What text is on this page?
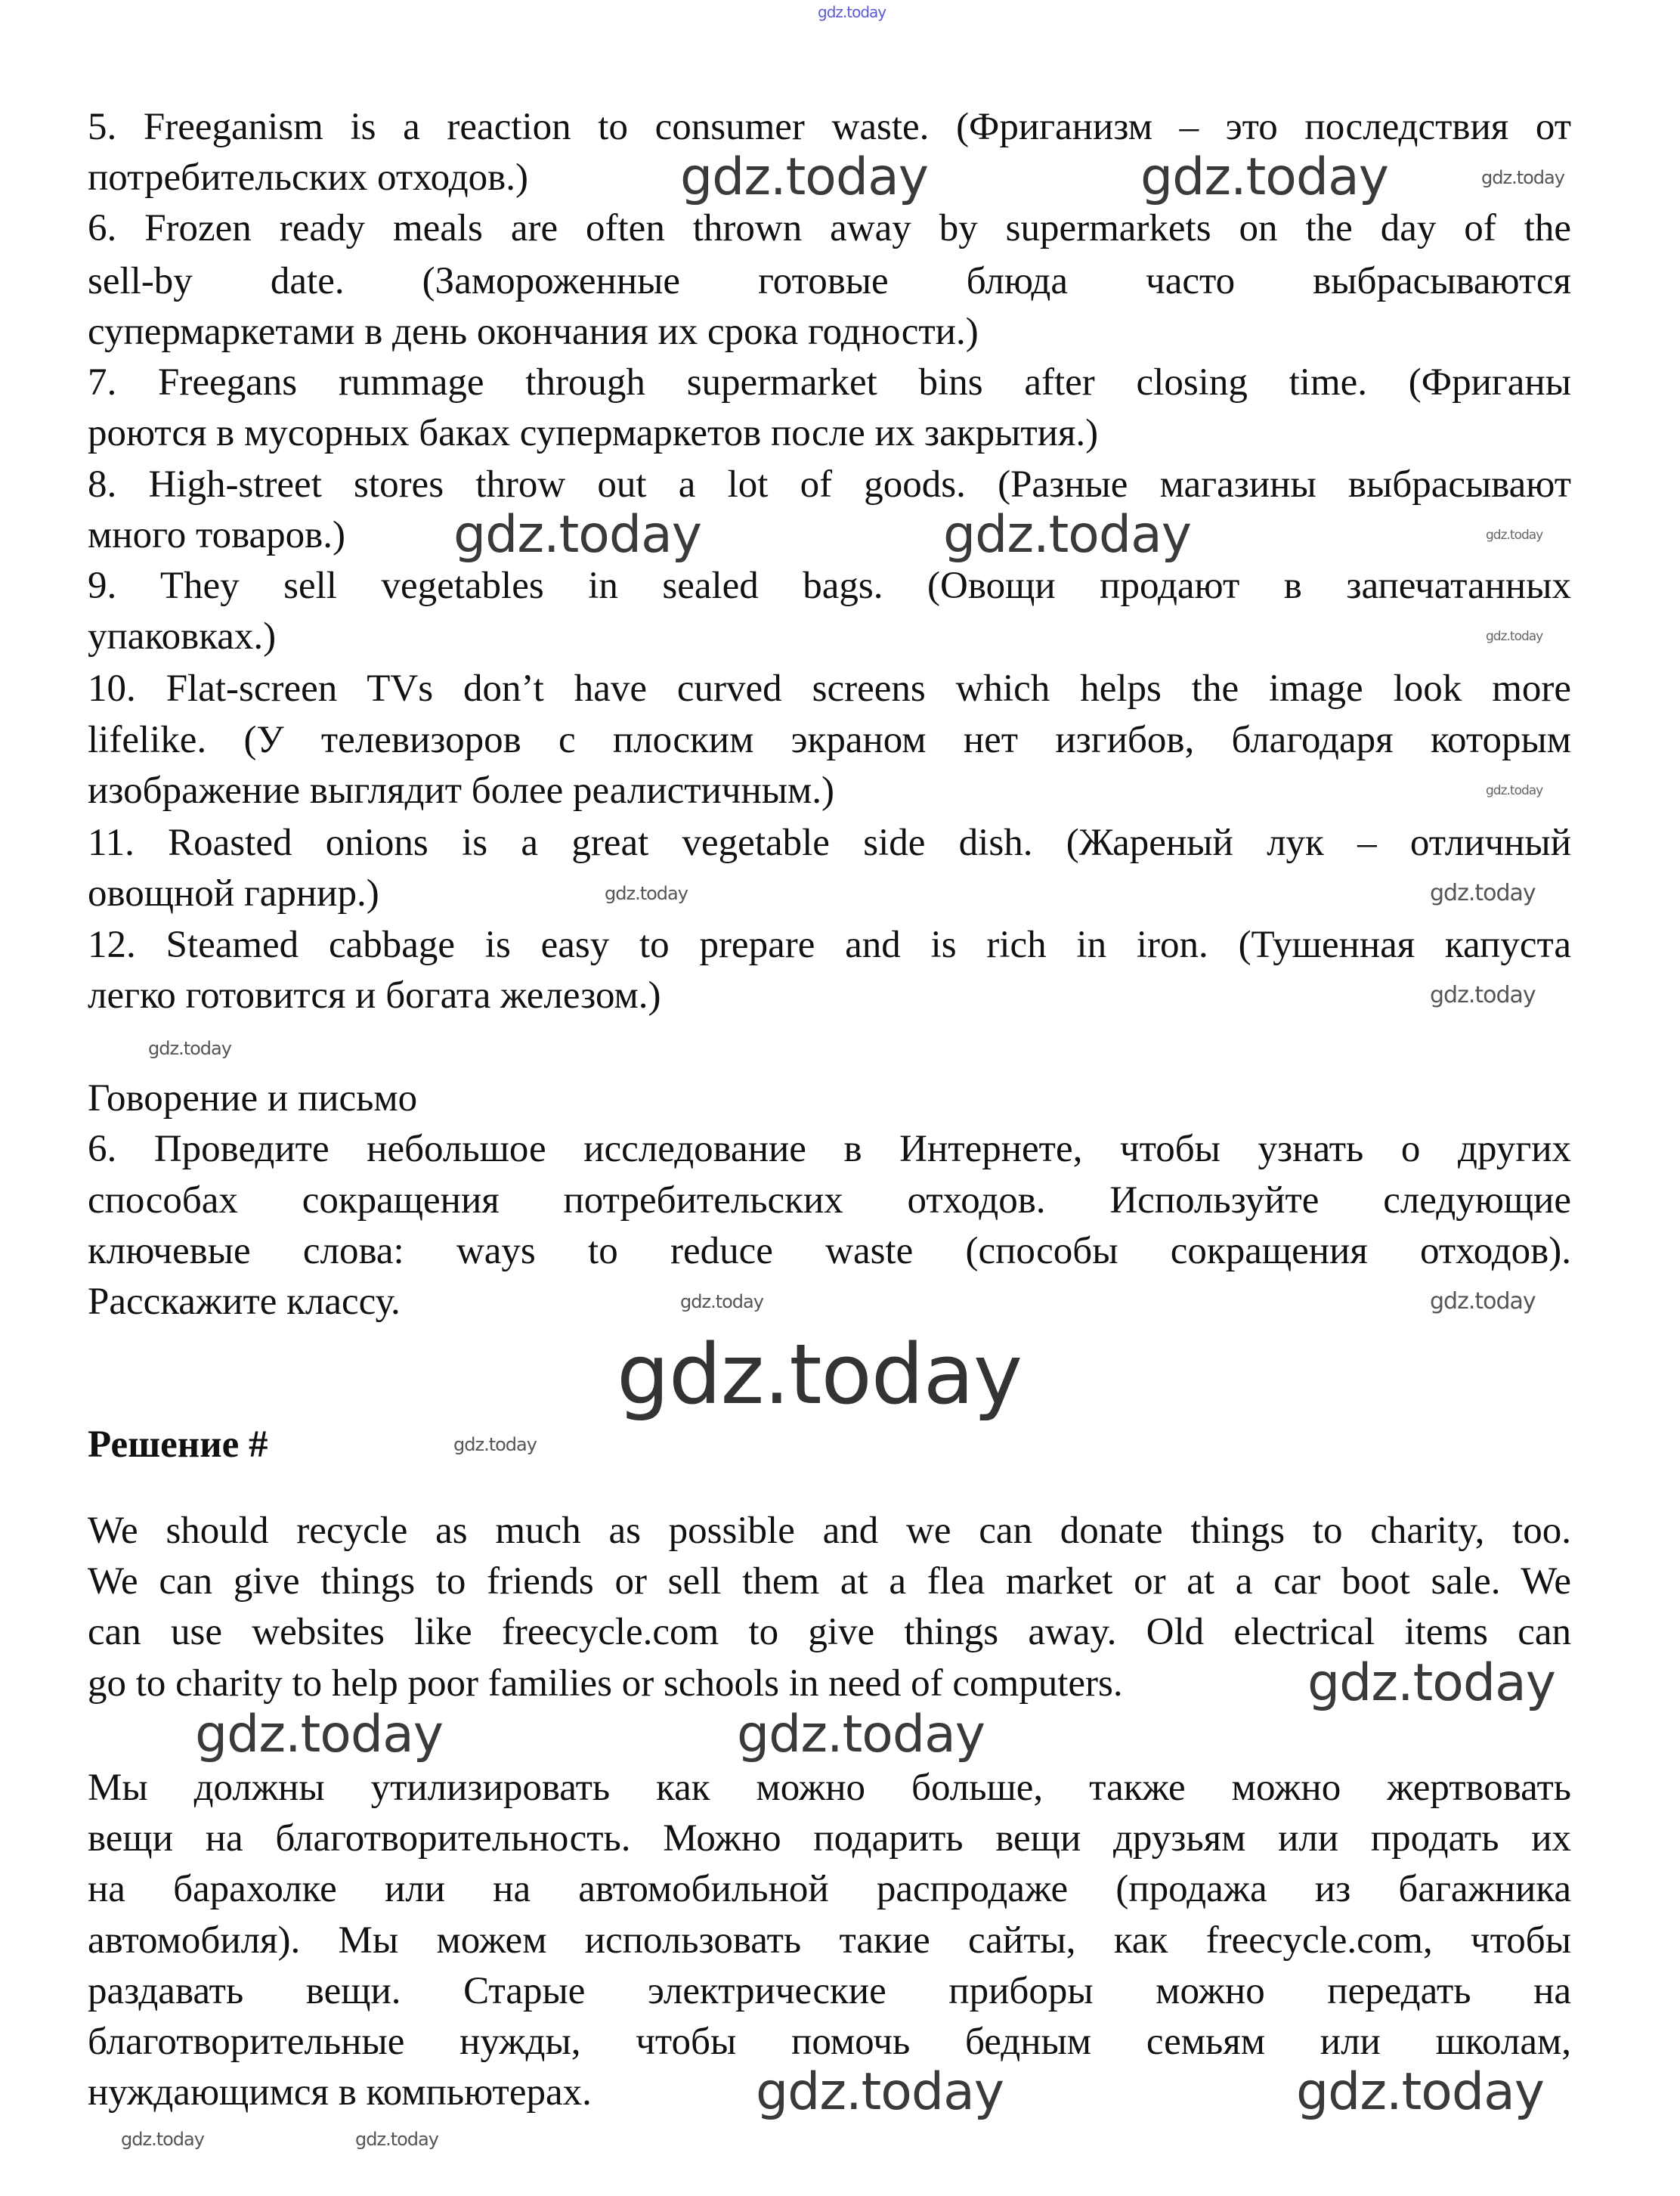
5. Freeganism is a reaction to consumer waste. (Фриганизм – это последствия от
потребительских отходов.)
6. Frozen ready meals are often thrown away by supermarkets on the day of the
sell-by date. (Замороженные готовые блюда часто выбрасываются
супермаркетами в день окончания их срока годности.)
7. Freegans rummage through supermarket bins after closing time. (Фриганы
роются в мусорных баках супермаркетов после их закрытия.)
8. High-street stores throw out a lot of goods. (Разные магазины выбрасывают
много товаров.)
9. They sell vegetables in sealed bags. (Овощи продают в запечатанных
упаковках.)
10. Flat-screen TVs don’t have curved screens which helps the image look more
lifelike. (У телевизоров с плоским экраном нет изгибов, благодаря которым
изображение выглядит более реалистичным.)
11. Roasted onions is a great vegetable side dish. (Жареный лук – отличный
овощной гарнир.)
12. Steamed cabbage is easy to prepare and is rich in iron. (Тушенная капуста
легко готовится и богата железом.)
Говорение и письмо
6. Проведите небольшое исследование в Интернете, чтобы узнать о других
способах сокращения потребительских отходов. Используйте следующие
ключевые слова: ways to reduce waste (способы сокращения отходов).
Расскажите классу.
Решение #
We should recycle as much as possible and we can donate things to charity, too.
We can give things to friends or sell them at a flea market or at a car boot sale. We
can use websites like freecycle.com to give things away. Old electrical items can
go to charity to help poor families or schools in need of computers.
Мы должны утилизировать как можно больше, также можно жертвовать
вещи на благотворительность. Можно подарить вещи друзьям или продать их
на барахолке или на автомобильной распродаже (продажа из багажника
автомобиля). Мы можем использовать такие сайты, как freecycle.com, чтобы
раздавать вещи. Старые электрические приборы можно передать на
благотворительные нужды, чтобы помочь бедным семьям или школам,
нуждающимся в компьютерах.
gdz.today
gdz.today	gdz.today	gdz.today
gdz.today	gdz.today	gdz.today
gdz.today
gdz.today
gdz.today	gdz.today
gdz.today
gdz.today
gdz.today	gdz.today
gdz.today
gdz.today
gdz.today
gdz.today	gdz.today
gdz.today	gdz.today
gdz.today	gdz.today
